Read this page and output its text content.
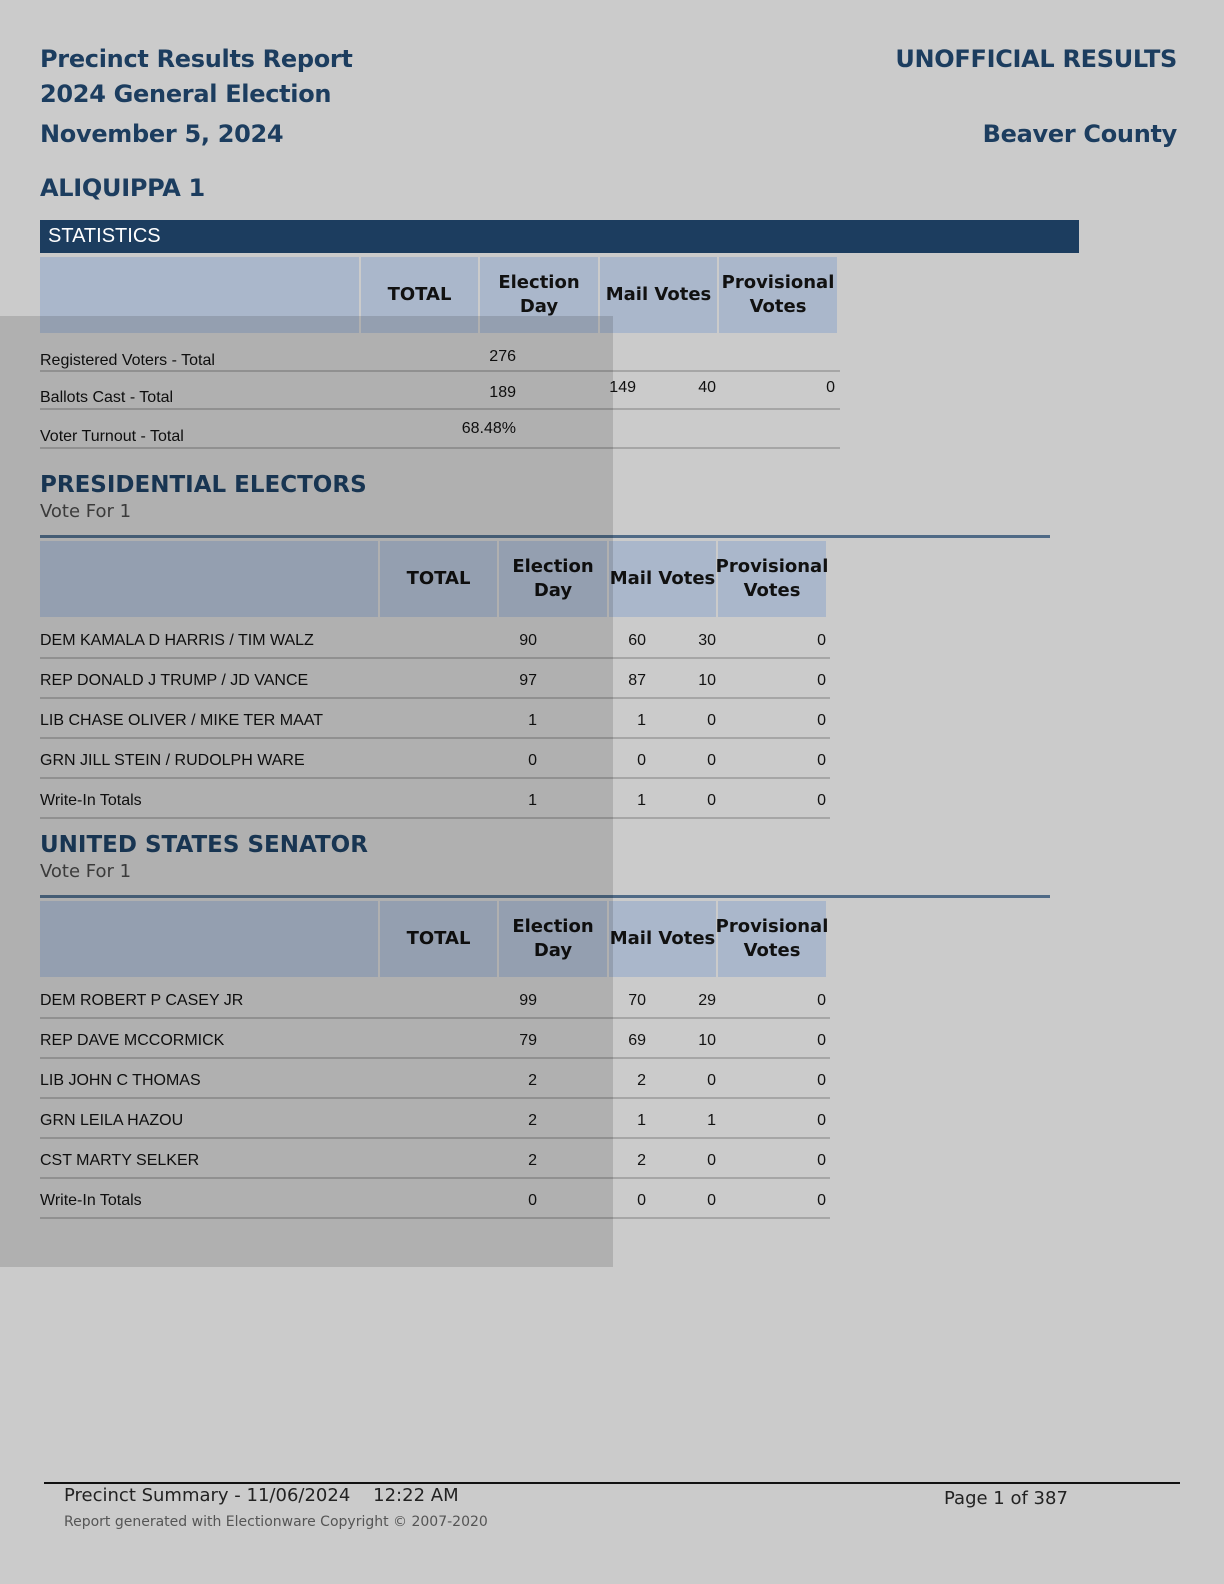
Precinct Results Report
2024 General Election
November 5, 2024
UNOFFICIAL RESULTS
Beaver County
ALIQUIPPA 1
STATISTICS
TOTAL
Election Day
Mail Votes
Provisional Votes
Registered Voters - Total	276
Ballots Cast - Total	189	149	40	0
Voter Turnout - Total	68.48%
PRESIDENTIAL ELECTORS
Vote For 1
TOTAL
Election Day
Mail Votes
Provisional Votes
DEM KAMALA D HARRIS / TIM WALZ	90	60	30	0
REP DONALD J TRUMP / JD VANCE	97	87	10	0
LIB CHASE OLIVER / MIKE TER MAAT	1	1	0	0
GRN JILL STEIN / RUDOLPH WARE	0	0	0	0
Write-In Totals	1	1	0	0
UNITED STATES SENATOR
Vote For 1
TOTAL
Election Day
Mail Votes
Provisional Votes
DEM ROBERT P CASEY JR	99	70	29	0
REP DAVE MCCORMICK	79	69	10	0
LIB JOHN C THOMAS	2	2	0	0
GRN LEILA HAZOU	2	1	1	0
CST MARTY SELKER	2	2	0	0
Write-In Totals	0	0	0	0
Precinct Summary - 11/06/2024    12:22 AM
Report generated with Electionware Copyright © 2007-2020
Page 1 of 387
